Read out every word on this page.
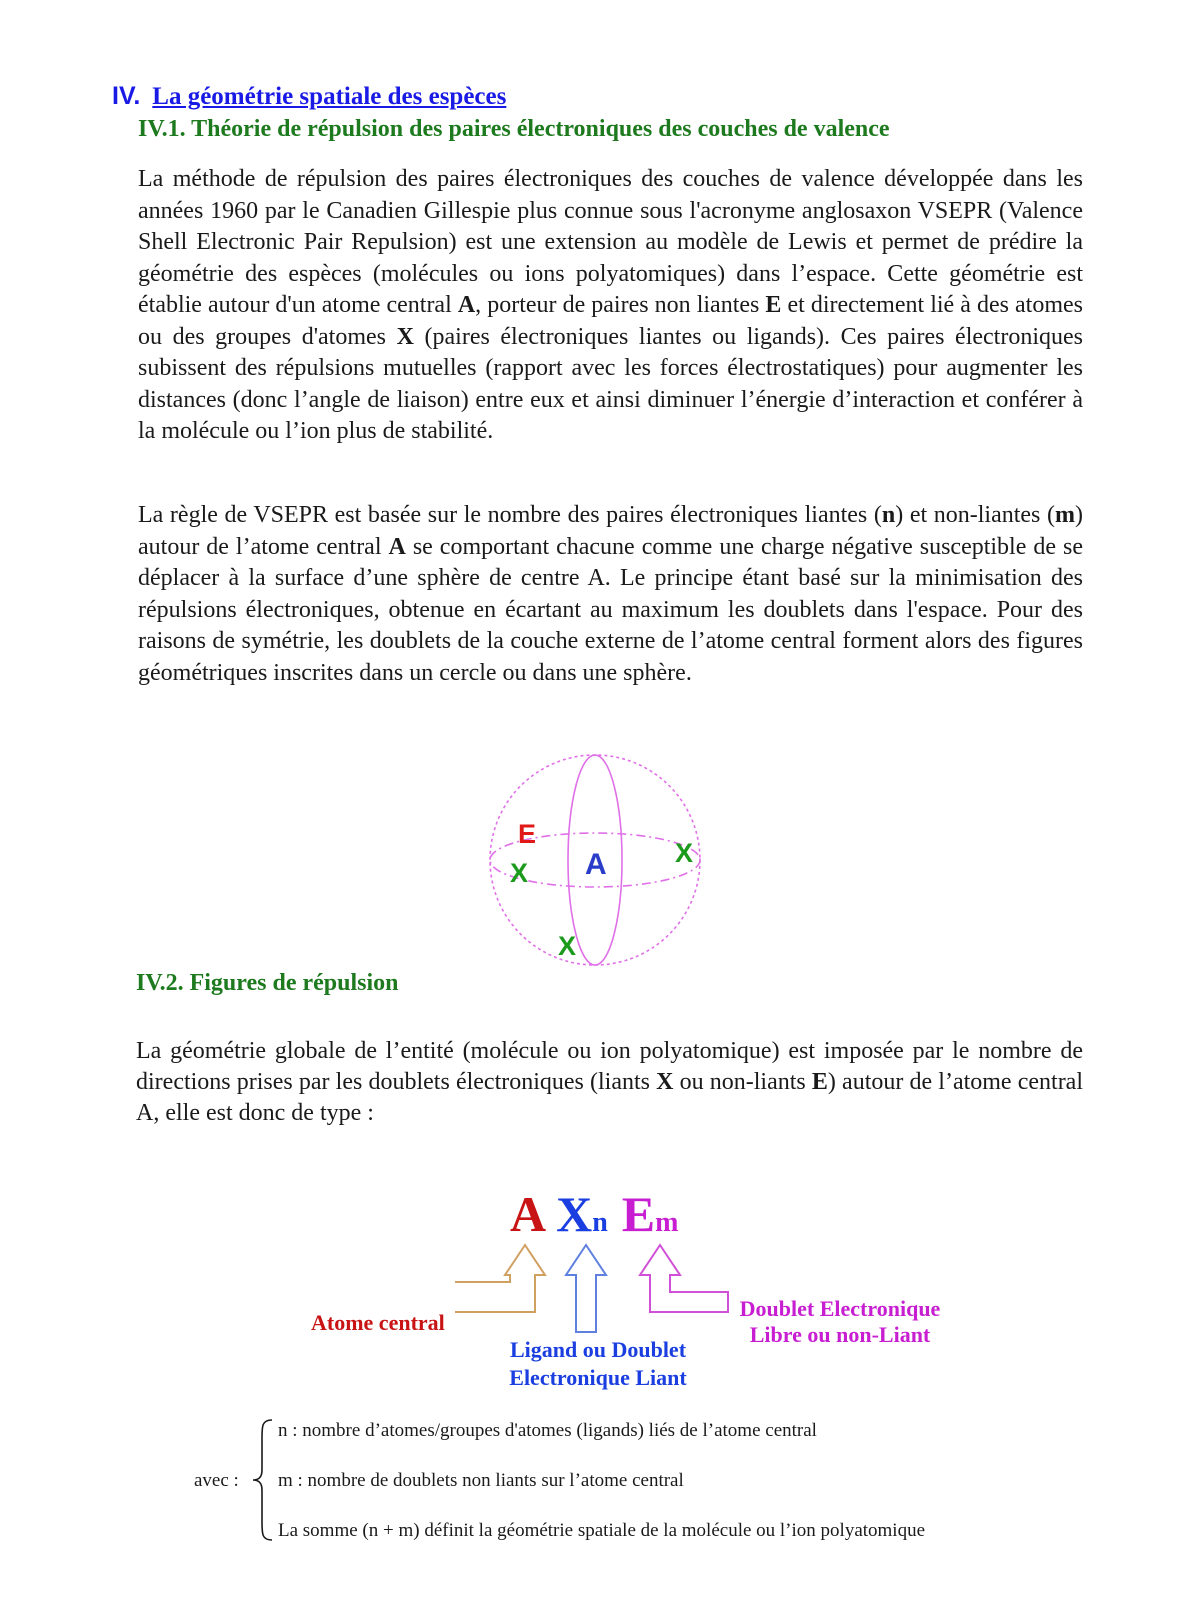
IV. La géométrie spatiale des espèces
IV.1. Théorie de répulsion des paires électroniques des couches de valence

La méthode de répulsion des paires électroniques des couches de valence développée dans les années 1960 par le Canadien Gillespie plus connue sous l'acronyme anglosaxon VSEPR (Valence Shell Electronic Pair Repulsion) est une extension au modèle de Lewis et permet de prédire la géométrie des espèces (molécules ou ions polyatomiques) dans l’espace. Cette géométrie est établie autour d'un atome central A, porteur de paires non liantes E et directement lié à des atomes ou des groupes d'atomes X (paires électroniques liantes ou ligands). Ces paires électroniques subissent des répulsions mutuelles (rapport avec les forces électrostatiques) pour augmenter les distances (donc l’angle de liaison) entre eux et ainsi diminuer l’énergie d’interaction et conférer à la molécule ou l’ion plus de stabilité.

La règle de VSEPR est basée sur le nombre des paires électroniques liantes (n) et non-liantes (m) autour de l’atome central A se comportant chacune comme une charge négative susceptible de se déplacer à la surface d’une sphère de centre A. Le principe étant basé sur la minimisation des répulsions électroniques, obtenue en écartant au maximum les doublets dans l'espace. Pour des raisons de symétrie, les doublets de la couche externe de l’atome central forment alors des figures géométriques inscrites dans un cercle ou dans une sphère.

A
E
X
X
X
IV.2. Figures de répulsion

La géométrie globale de l’entité (molécule ou ion polyatomique) est imposée par le nombre de directions prises par les doublets électroniques (liants X ou non-liants E) autour de l’atome central A, elle est donc de type :

A Xn Em
Atome central
Ligand ou Doublet
Electronique Liant
Doublet Electronique
Libre ou non-Liant
avec :
n : nombre d’atomes/groupes d'atomes (ligands) liés de l’atome central
m : nombre de doublets non liants sur l’atome central
La somme (n + m) définit la géométrie spatiale de la molécule ou l’ion polyatomique
